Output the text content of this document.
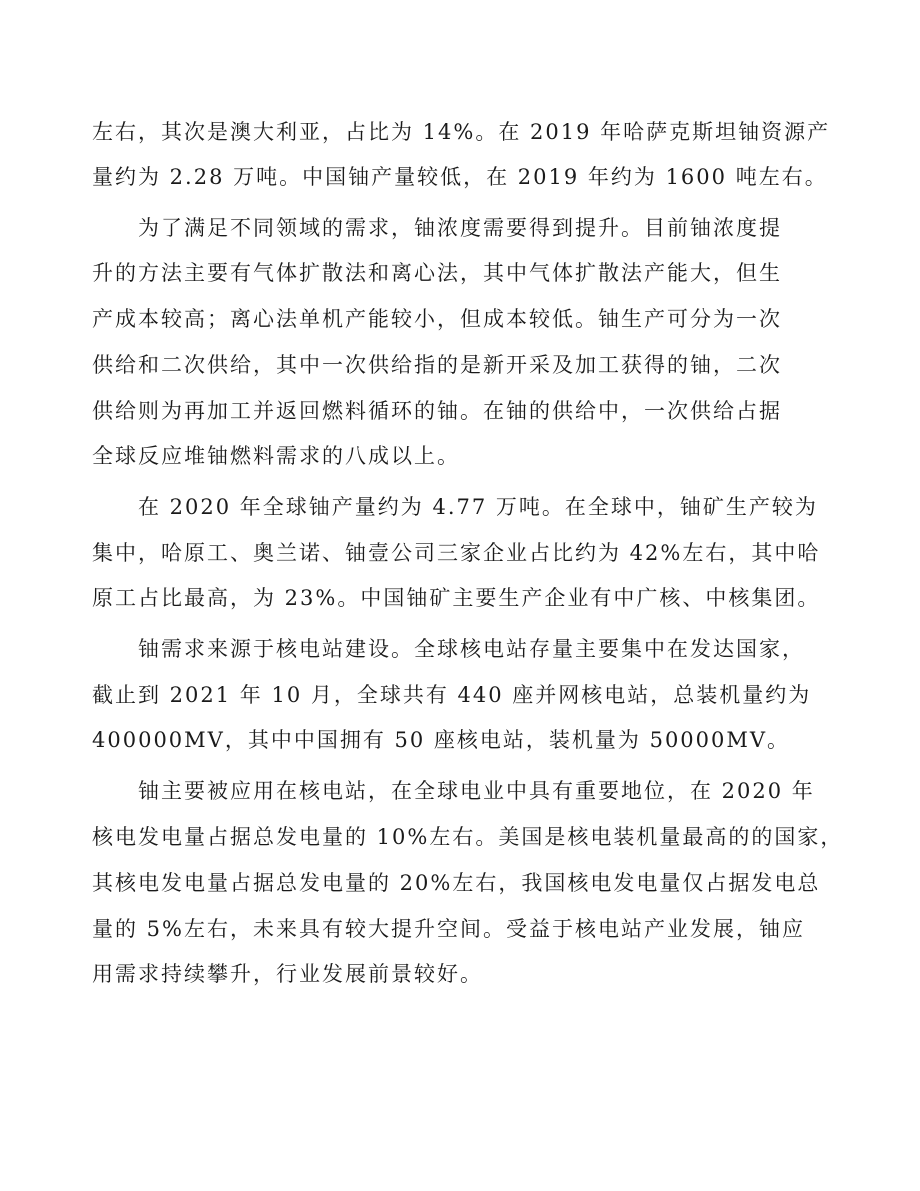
左右，其次是澳大利亚，占比为 14%。在 2019 年哈萨克斯坦铀资源产
量约为 2.28 万吨。中国铀产量较低，在 2019 年约为 1600 吨左右。
为了满足不同领域的需求，铀浓度需要得到提升。目前铀浓度提
升的方法主要有气体扩散法和离心法，其中气体扩散法产能大，但生
产成本较高；离心法单机产能较小，但成本较低。铀生产可分为一次
供给和二次供给，其中一次供给指的是新开采及加工获得的铀，二次
供给则为再加工并返回燃料循环的铀。在铀的供给中，一次供给占据
全球反应堆铀燃料需求的八成以上。
在 2020 年全球铀产量约为 4.77 万吨。在全球中，铀矿生产较为
集中，哈原工、奥兰诺、铀壹公司三家企业占比约为 42%左右，其中哈
原工占比最高，为 23%。中国铀矿主要生产企业有中广核、中核集团。
铀需求来源于核电站建设。全球核电站存量主要集中在发达国家，
截止到 2021 年 10 月，全球共有 440 座并网核电站，总装机量约为
400000MV，其中中国拥有 50 座核电站，装机量为 50000MV。
铀主要被应用在核电站，在全球电业中具有重要地位，在 2020 年
核电发电量占据总发电量的 10%左右。美国是核电装机量最高的的国家，
其核电发电量占据总发电量的 20%左右，我国核电发电量仅占据发电总
量的 5%左右，未来具有较大提升空间。受益于核电站产业发展，铀应
用需求持续攀升，行业发展前景较好。
